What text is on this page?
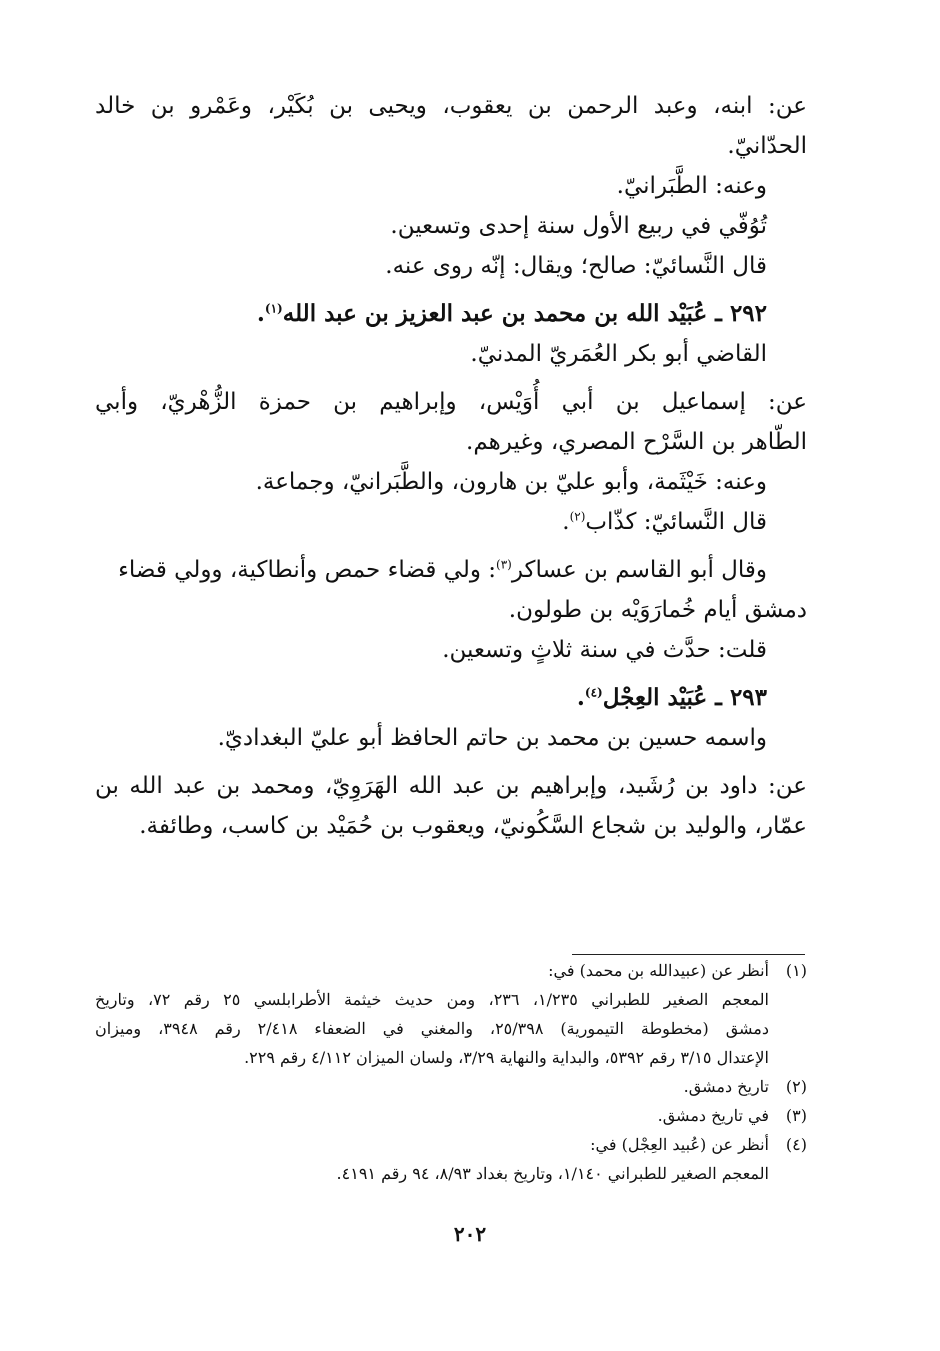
عن: ابنه، وعبد الرحمن بن يعقوب، ويحيى بن بُكَيْر، وعَمْرو بن خالد
الحدّانيّ.
وعنه: الطَّبَرانيّ.
تُوُفّي في ربيع الأول سنة إحدى وتسعين.
قال النَّسائيّ: صالح؛ ويقال: إنّه روى عنه.
٢٩٢ ـ عُبَيْد الله بن محمد بن عبد العزيز بن عبد الله$^{(١)}$.
القاضي أبو بكر العُمَريّ المدنيّ.
عن: إسماعيل بن أبي أُوَيْس، وإبراهيم بن حمزة الزُّهْريّ، وأبي
الطّاهر بن السَّرْح المصري، وغيرهم.
وعنه: خَيْثَمة، وأبو عليّ بن هارون، والطَّبَرانيّ، وجماعة.
قال النَّسائيّ: كذّاب$^{(٢)}$.
وقال أبو القاسم بن عساكر$^{(٣)}$: ولي قضاء حمص وأنطاكية، وولي قضاء
دمشق أيام خُمارَوَيْه بن طولون.
قلت: حدَّث في سنة ثلاثٍ وتسعين.
٢٩٣ ـ عُبَيْد العِجْل$^{(٤)}$.
واسمه حسين بن محمد بن حاتم الحافظ أبو عليّ البغداديّ.
عن: داود بن رُشَيد، وإبراهيم بن عبد الله الهَرَوِيّ، ومحمد بن عبد الله بن
عمّار، والوليد بن شجاع السَّكُونيّ، ويعقوب بن حُمَيْد بن كاسب، وطائفة.
(١)
أنظر عن (عبيدالله بن محمد) في:
المعجم الصغير للطبراني ١/٢٣٥، ٢٣٦، ومن حديث خيثمة الأطرابلسي ٢٥ رقم ٧٢، وتاريخ
دمشق (مخطوطة التيمورية) ٢٥/٣٩٨، والمغني في الضعفاء ٢/٤١٨ رقم ٣٩٤٨، وميزان
الإعتدال ٣/١٥ رقم ٥٣٩٢، والبداية والنهاية ٣/٢٩، ولسان الميزان ٤/١١٢ رقم ٢٢٩.
(٢)
تاريخ دمشق.
(٣)
في تاريخ دمشق.
(٤)
أنظر عن (عُبيد العِجْل) في:
المعجم الصغير للطبراني ١/١٤٠، وتاريخ بغداد ٨/٩٣، ٩٤ رقم ٤١٩١.
٢٠٢
